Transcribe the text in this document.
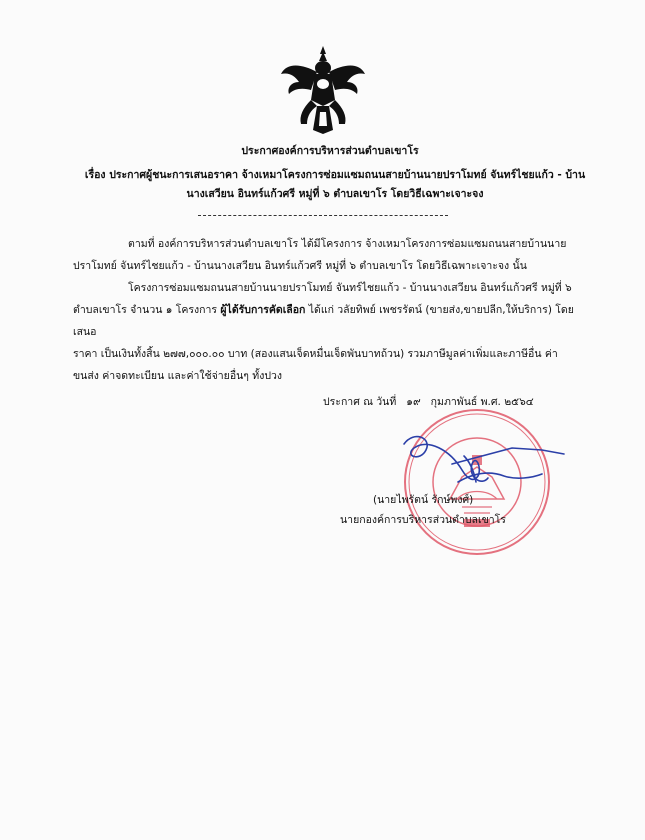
ประกาศองค์การบริหารส่วนตำบลเขาโร
เรื่อง ประกาศผู้ชนะการเสนอราคา จ้างเหมาโครงการซ่อมแซมถนนสายบ้านนายปราโมทย์ จันทร์ไชยแก้ว - บ้านนางเสวียน อินทร์แก้วศรี หมู่ที่ ๖ ตำบลเขาโร โดยวิธีเฉพาะเจาะจง

ตามที่ องค์การบริหารส่วนตำบลเขาโร ได้มีโครงการ จ้างเหมาโครงการซ่อมแซมถนนสายบ้านนาย

ปราโมทย์ จันทร์ไชยแก้ว - บ้านนางเสวียน อินทร์แก้วศรี หมู่ที่ ๖ ตำบลเขาโร โดยวิธีเฉพาะเจาะจง นั้น

โครงการซ่อมแซมถนนสายบ้านนายปราโมทย์ จันทร์ไชยแก้ว - บ้านนางเสวียน อินทร์แก้วศรี หมู่ที่ ๖

ตำบลเขาโร จำนวน ๑ โครงการ ผู้ได้รับการคัดเลือก ได้แก่ วลัยทิพย์ เพชรรัตน์ (ขายส่ง,ขายปลีก,ให้บริการ) โดยเสนอ

ราคา เป็นเงินทั้งสิ้น ๒๗๗,๐๐๐.๐๐ บาท (สองแสนเจ็ดหมื่นเจ็ดพันบาทถ้วน) รวมภาษีมูลค่าเพิ่มและภาษีอื่น ค่า

ขนส่ง ค่าจดทะเบียน และค่าใช้จ่ายอื่นๆ ทั้งปวง

ประกาศ ณ วันที่ ๑๙ กุมภาพันธ์ พ.ศ. ๒๕๖๔
(นายไพรัตน์ รักษ์พงศ์)
นายกองค์การบริหารส่วนตำบลเขาโร
